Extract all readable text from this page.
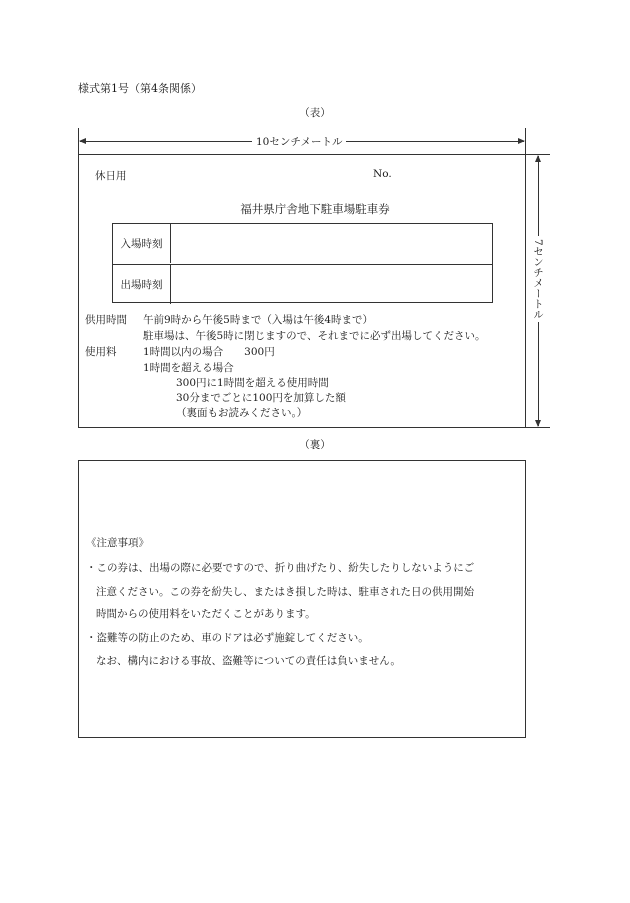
様式第1号（第4条関係）
（表）
10センチメートル
7センチメートル
休日用	No.
福井県庁舎地下駐車場駐車券
入場時刻
出場時刻
供用時間 午前9時から午後5時まで（入場は午後4時まで）
駐車場は、午後5時に閉じますので、それまでに必ず出場してください。
使用料	1時間以内の場合　　300円
1時間を超える場合
300円に1時間を超える使用時間
30分までごとに100円を加算した額
（裏面もお読みください。）
（裏）
《注意事項》
・この券は、出場の際に必要ですので、折り曲げたり、紛失したりしないようにご
注意ください。この券を紛失し、またはき損した時は、駐車された日の供用開始
時間からの使用料をいただくことがあります。
・盗難等の防止のため、車のドアは必ず施錠してください。
なお、構内における事故、盗難等についての責任は負いません。
